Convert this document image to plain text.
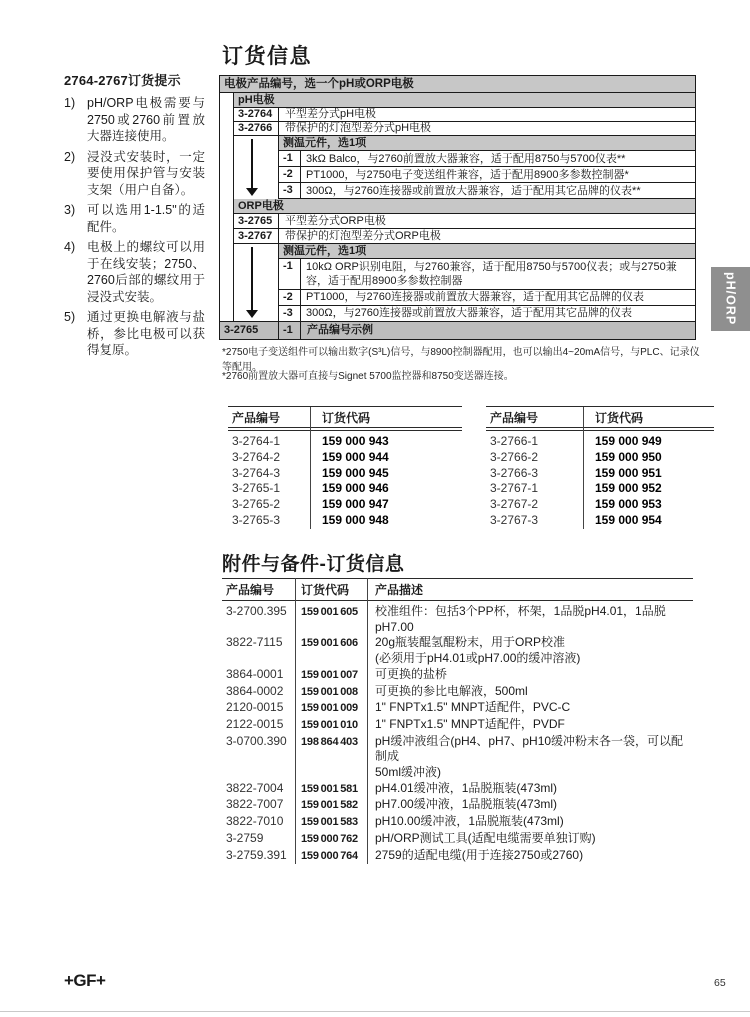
2764-2767订货提示
1) pH/ORP电极需要与2750或2760前置放大器连接使用。
2) 浸没式安装时，一定要使用保护管与安装支架（用户自备）。
3) 可以选用1-1.5"的适配件。
4) 电极上的螺纹可以用于在线安装；2750、2760后部的螺纹用于浸没式安装。
5) 通过更换电解液与盐桥，参比电极可以获得复原。
订货信息
电极产品编号，选一个pH或ORP电极
pH电极
3-2764	平型差分式pH电极
3-2766	带保护的灯泡型差分式pH电极
测温元件，选1项
-1	3kΩ Balco，与2760前置放大器兼容，适于配用8750与5700仪表**
-2	PT1000，与2750电子变送组件兼容，适于配用8900多参数控制器*
-3	300Ω，与2760连接器或前置放大器兼容，适于配用其它品牌的仪表**
ORP电极
3-2765	平型差分式ORP电极
3-2767	带保护的灯泡型差分式ORP电极
测温元件，选1项
-1	10kΩ ORP识别电阻，与2760兼容，适于配用8750与5700仪表；或与2750兼容，适于配用8900多参数控制器
-2	PT1000，与2760连接器或前置放大器兼容，适于配用其它品牌的仪表
-3	300Ω，与2760连接器或前置放大器兼容，适于配用其它品牌的仪表
3-2765	-1	产品编号示例
*2750电子变送组件可以输出数字(S³L)信号，与8900控制器配用，也可以输出4~20mA信号，与PLC、记录仪等配用。
*2760前置放大器可直接与Signet 5700监控器和8750变送器连接。
产品编号	订货代码
3-2764-1	159 000 943
3-2764-2	159 000 944
3-2764-3	159 000 945
3-2765-1	159 000 946
3-2765-2	159 000 947
3-2765-3	159 000 948
产品编号	订货代码
3-2766-1	159 000 949
3-2766-2	159 000 950
3-2766-3	159 000 951
3-2767-1	159 000 952
3-2767-2	159 000 953
3-2767-3	159 000 954
附件与备件-订货信息
产品编号	订货代码	产品描述
3-2700.395	159 001 605	校准组件：包括3个PP杯，杯架，1品脱pH4.01，1品脱pH7.00
3822-7115	159 001 606	20g瓶装醌氢醌粉末，用于ORP校准
(必须用于pH4.01或pH7.00的缓冲溶液)
3864-0001	159 001 007	可更换的盐桥
3864-0002	159 001 008	可更换的参比电解液，500ml
2120-0015	159 001 009	1" FNPTx1.5" MNPT适配件，PVC-C
2122-0015	159 001 010	1" FNPTx1.5" MNPT适配件，PVDF
3-0700.390	198 864 403	pH缓冲液组合(pH4、pH7、pH10缓冲粉末各一袋，可以配制成
50ml缓冲液)
3822-7004	159 001 581	pH4.01缓冲液，1品脱瓶装(473ml)
3822-7007	159 001 582	pH7.00缓冲液，1品脱瓶装(473ml)
3822-7010	159 001 583	pH10.00缓冲液，1品脱瓶装(473ml)
3-2759	159 000 762	pH/ORP测试工具(适配电缆需要单独订购)
3-2759.391	159 000 764	2759的适配电缆(用于连接2750或2760)
pH/ORP
+GF+	65
